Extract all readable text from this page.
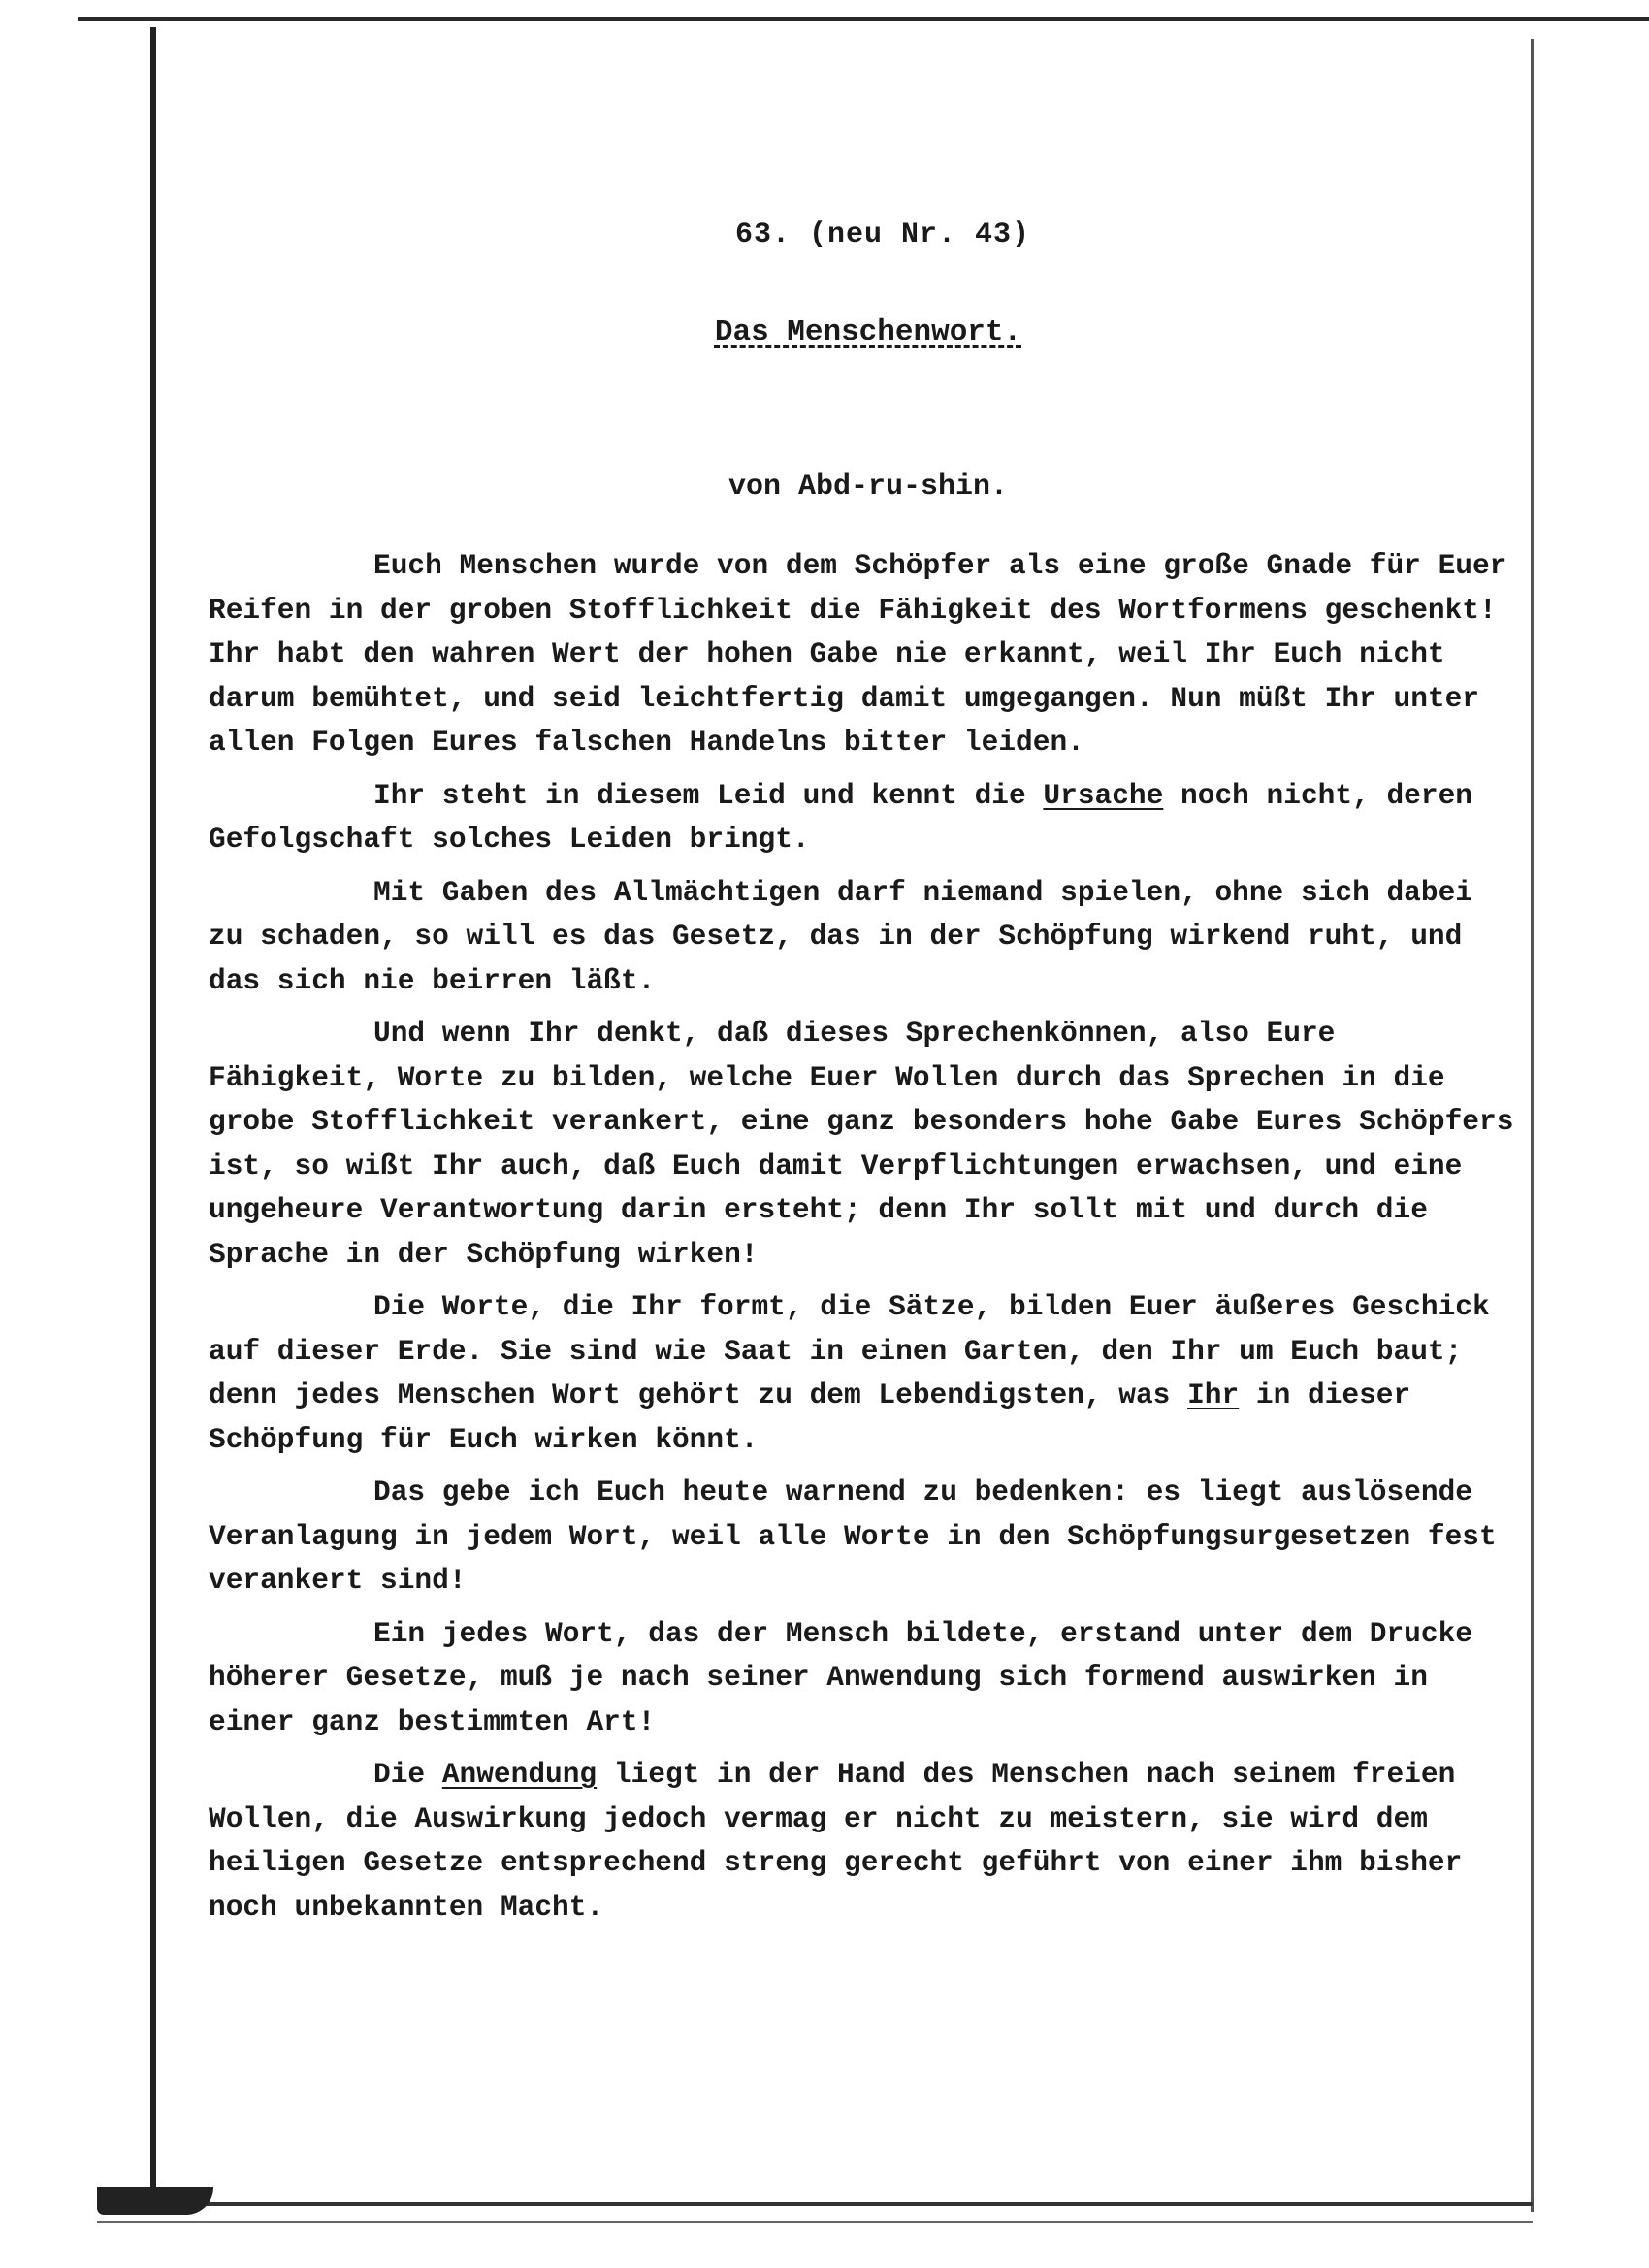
63. (neu Nr. 43)
Das Menschenwort.
von Abd-ru-shin.

Euch Menschen wurde von dem Schöpfer als eine große Gnade für Euer Reifen in der groben Stofflichkeit die Fähigkeit des Wortformens geschenkt! Ihr habt den wahren Wert der hohen Gabe nie erkannt, weil Ihr Euch nicht darum bemühtet, und seid leichtfertig damit umgegangen. Nun müßt Ihr unter allen Folgen Eures falschen Handelns bitter leiden.

Ihr steht in diesem Leid und kennt die Ursache noch nicht, deren Gefolgschaft solches Leiden bringt.

Mit Gaben des Allmächtigen darf niemand spielen, ohne sich dabei zu schaden, so will es das Gesetz, das in der Schöpfung wirkend ruht, und das sich nie beirren läßt.

Und wenn Ihr denkt, daß dieses Sprechenkönnen, also Eure Fähigkeit, Worte zu bilden, welche Euer Wollen durch das Sprechen in die grobe Stofflichkeit verankert, eine ganz besonders hohe Gabe Eures Schöpfers ist, so wißt Ihr auch, daß Euch damit Verpflichtungen erwachsen, und eine ungeheure Verantwortung darin ersteht; denn Ihr sollt mit und durch die Sprache in der Schöpfung wirken!

Die Worte, die Ihr formt, die Sätze, bilden Euer äußeres Geschick auf dieser Erde. Sie sind wie Saat in einen Garten, den Ihr um Euch baut; denn jedes Menschen Wort gehört zu dem Lebendigsten, was Ihr in dieser Schöpfung für Euch wirken könnt.

Das gebe ich Euch heute warnend zu bedenken: es liegt auslösende Veranlagung in jedem Wort, weil alle Worte in den Schöpfungsurgesetzen fest verankert sind!

Ein jedes Wort, das der Mensch bildete, erstand unter dem Drucke höherer Gesetze, muß je nach seiner Anwendung sich formend auswirken in einer ganz bestimmten Art!

Die Anwendung liegt in der Hand des Menschen nach seinem freien Wollen, die Auswirkung jedoch vermag er nicht zu meistern, sie wird dem heiligen Gesetze entsprechend streng gerecht geführt von einer ihm bisher noch unbekannten Macht.
